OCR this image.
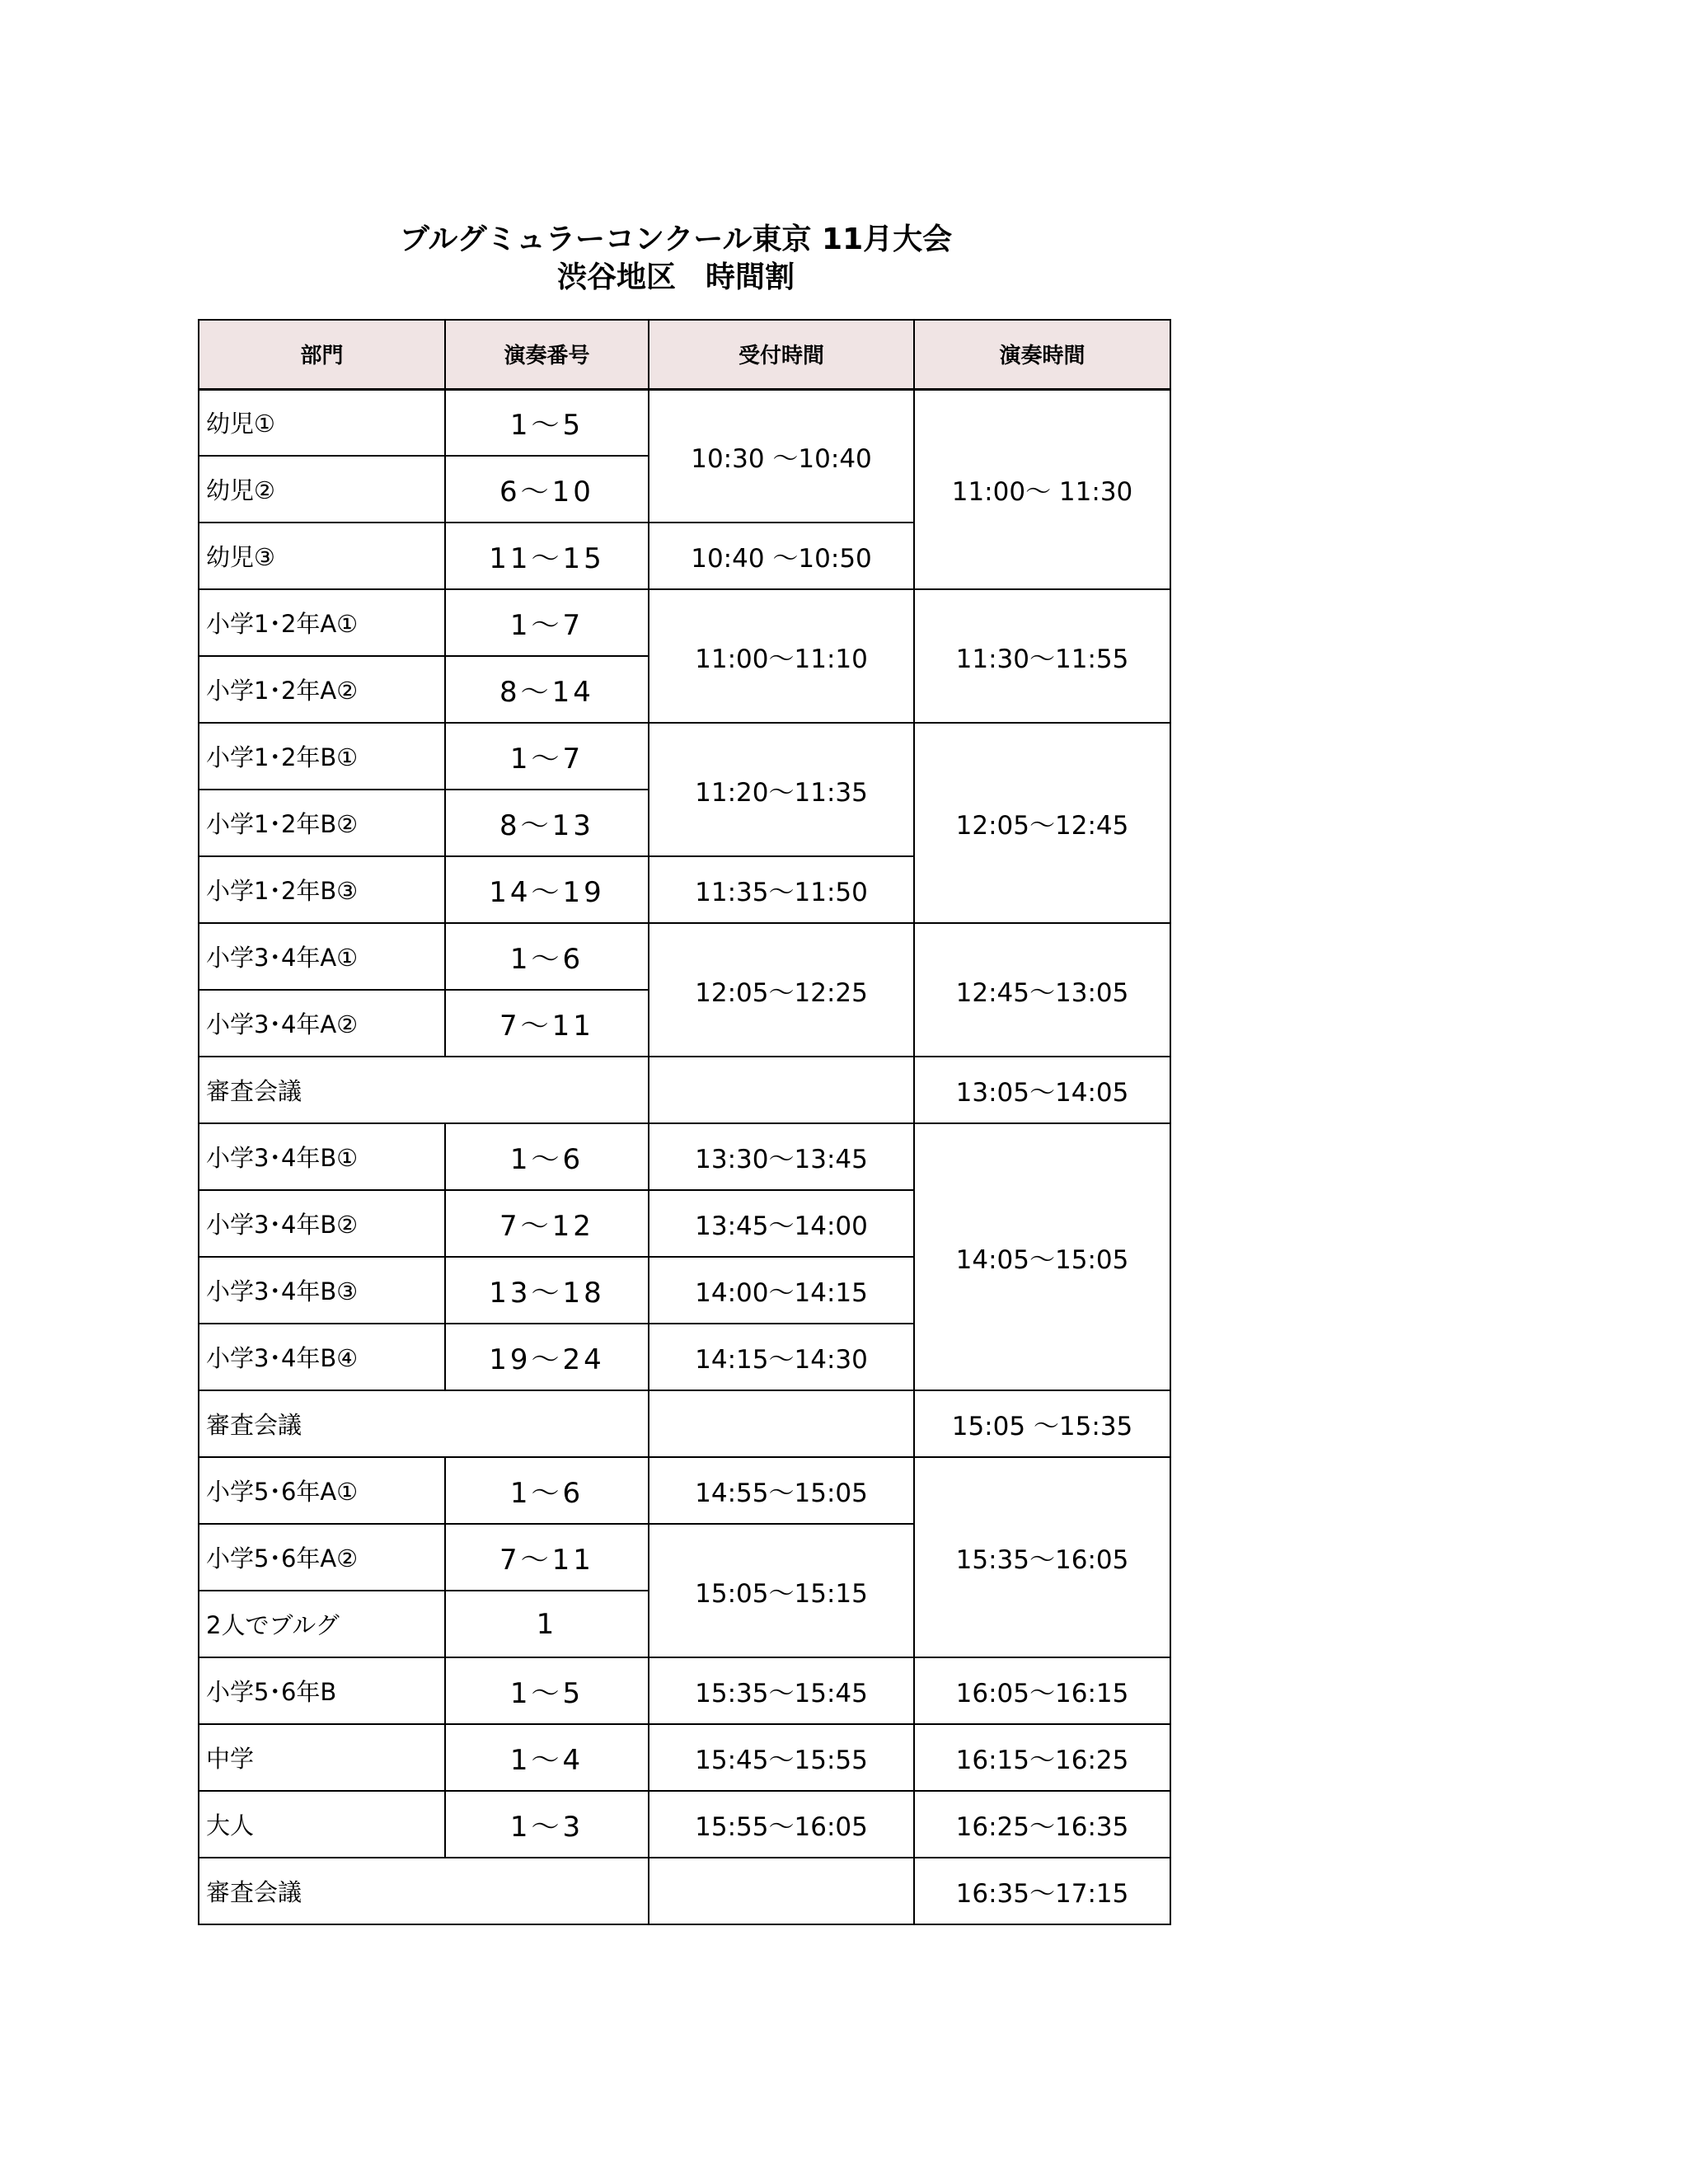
ブルグミュラーコンクール東京 11月大会
渋谷地区　時間割
部門	演奏番号	受付時間	演奏時間
幼児①	1～5	10:30 ～10:40	11:00～ 11:30
幼児②	6～10		
幼児③	11～15	10:40 ～10:50	
小学1･2年A①	1～7	11:00～11:10	11:30～11:55
小学1･2年A②	8～14		
小学1･2年B①	1～7	11:20～11:35	12:05～12:45
小学1･2年B②	8～13		
小学1･2年B③	14～19	11:35～11:50	
小学3･4年A①	1～6	12:05～12:25	12:45～13:05
小学3･4年A②	7～11		
審査会議			13:05～14:05
小学3･4年B①	1～6	13:30～13:45	14:05～15:05
小学3･4年B②	7～12	13:45～14:00	
小学3･4年B③	13～18	14:00～14:15	
小学3･4年B④	19～24	14:15～14:30	
審査会議			15:05 ～15:35
小学5･6年A①	1～6	14:55～15:05	15:35～16:05
小学5･6年A②	7～11	15:05～15:15	
2人でブルグ	1		
小学5･6年B	1～5	15:35～15:45	16:05～16:15
中学	1～4	15:45～15:55	16:15～16:25
大人	1～3	15:55～16:05	16:25～16:35
審査会議			16:35～17:15
